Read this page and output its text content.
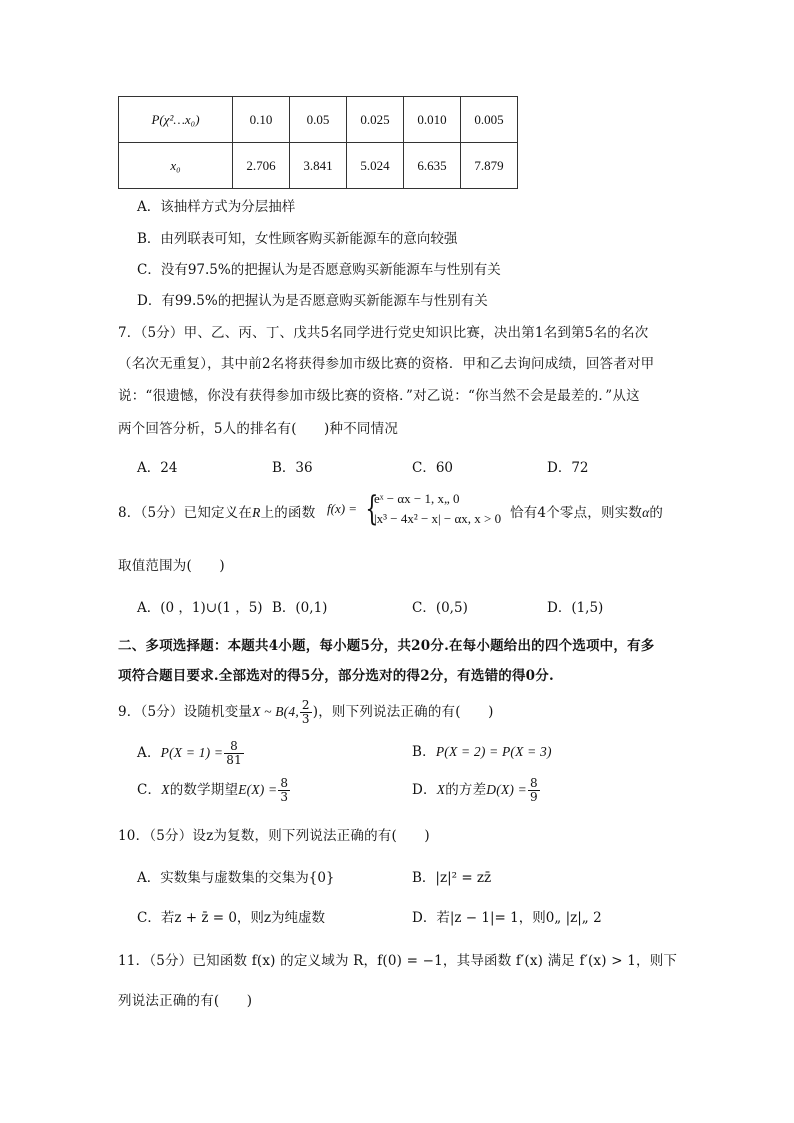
P(χ²…x₀)	0.10	0.05	0.025	0.010	0.005
x₀	2.706	3.841	5.024	6.635	7.879
A．该抽样方式为分层抽样
B．由列联表可知，女性顾客购买新能源车的意向较强
C．没有97.5%的把握认为是否愿意购买新能源车与性别有关
D．有99.5%的把握认为是否愿意购买新能源车与性别有关
7．（5分）甲、乙、丙、丁、戊共5名同学进行党史知识比赛，决出第1名到第5名的名次
（名次无重复），其中前2名将获得参加市级比赛的资格．甲和乙去询问成绩，回答者对甲
说：“很遗憾，你没有获得参加市级比赛的资格．”对乙说：“你当然不会是最差的．”从这
两个回答分析，5人的排名有(　　)种不同情况
A．24	B．36	C．60	D．72
8．（5分）已知定义在R上的函数 f(x) = {
eˣ − αx − 1, x„ 0
|x³ − 4x² − x| − αx, x > 0 恰有4个零点，则实数α的
取值范围为(　　)
A．(0 ，1)∪(1 ，5) B．(0,1)	C．(0,5)	D．(1,5)
二、多项选择题：本题共4小题，每小题5分，共20分.在每小题给出的四个选项中，有多
项符合题目要求.全部选对的得5分，部分选对的得2分，有选错的得0分.
9．（5分）设随机变量X ~ B(4, $\frac{2}{3}$ )，则下列说法正确的有(　　)
A．$P(X = 1) = \frac{8}{81}$	B．P(X = 2) = P(X = 3)
C．X的数学期望$E(X) = \frac{8}{3}$	D．X的方差$D(X) = \frac{8}{9}$
10．（5分）设z为复数，则下列说法正确的有(　　)
A．实数集与虚数集的交集为{0}	B．|z|² = zz̄
C．若z + z̄ = 0，则z为纯虚数	D．若|z − 1|= 1，则0„ |z|„ 2
11．（5分）已知函数 f(x) 的定义域为 R，f(0) = −1，其导函数 f′(x) 满足 f′(x) > 1，则下
列说法正确的有(　　)
